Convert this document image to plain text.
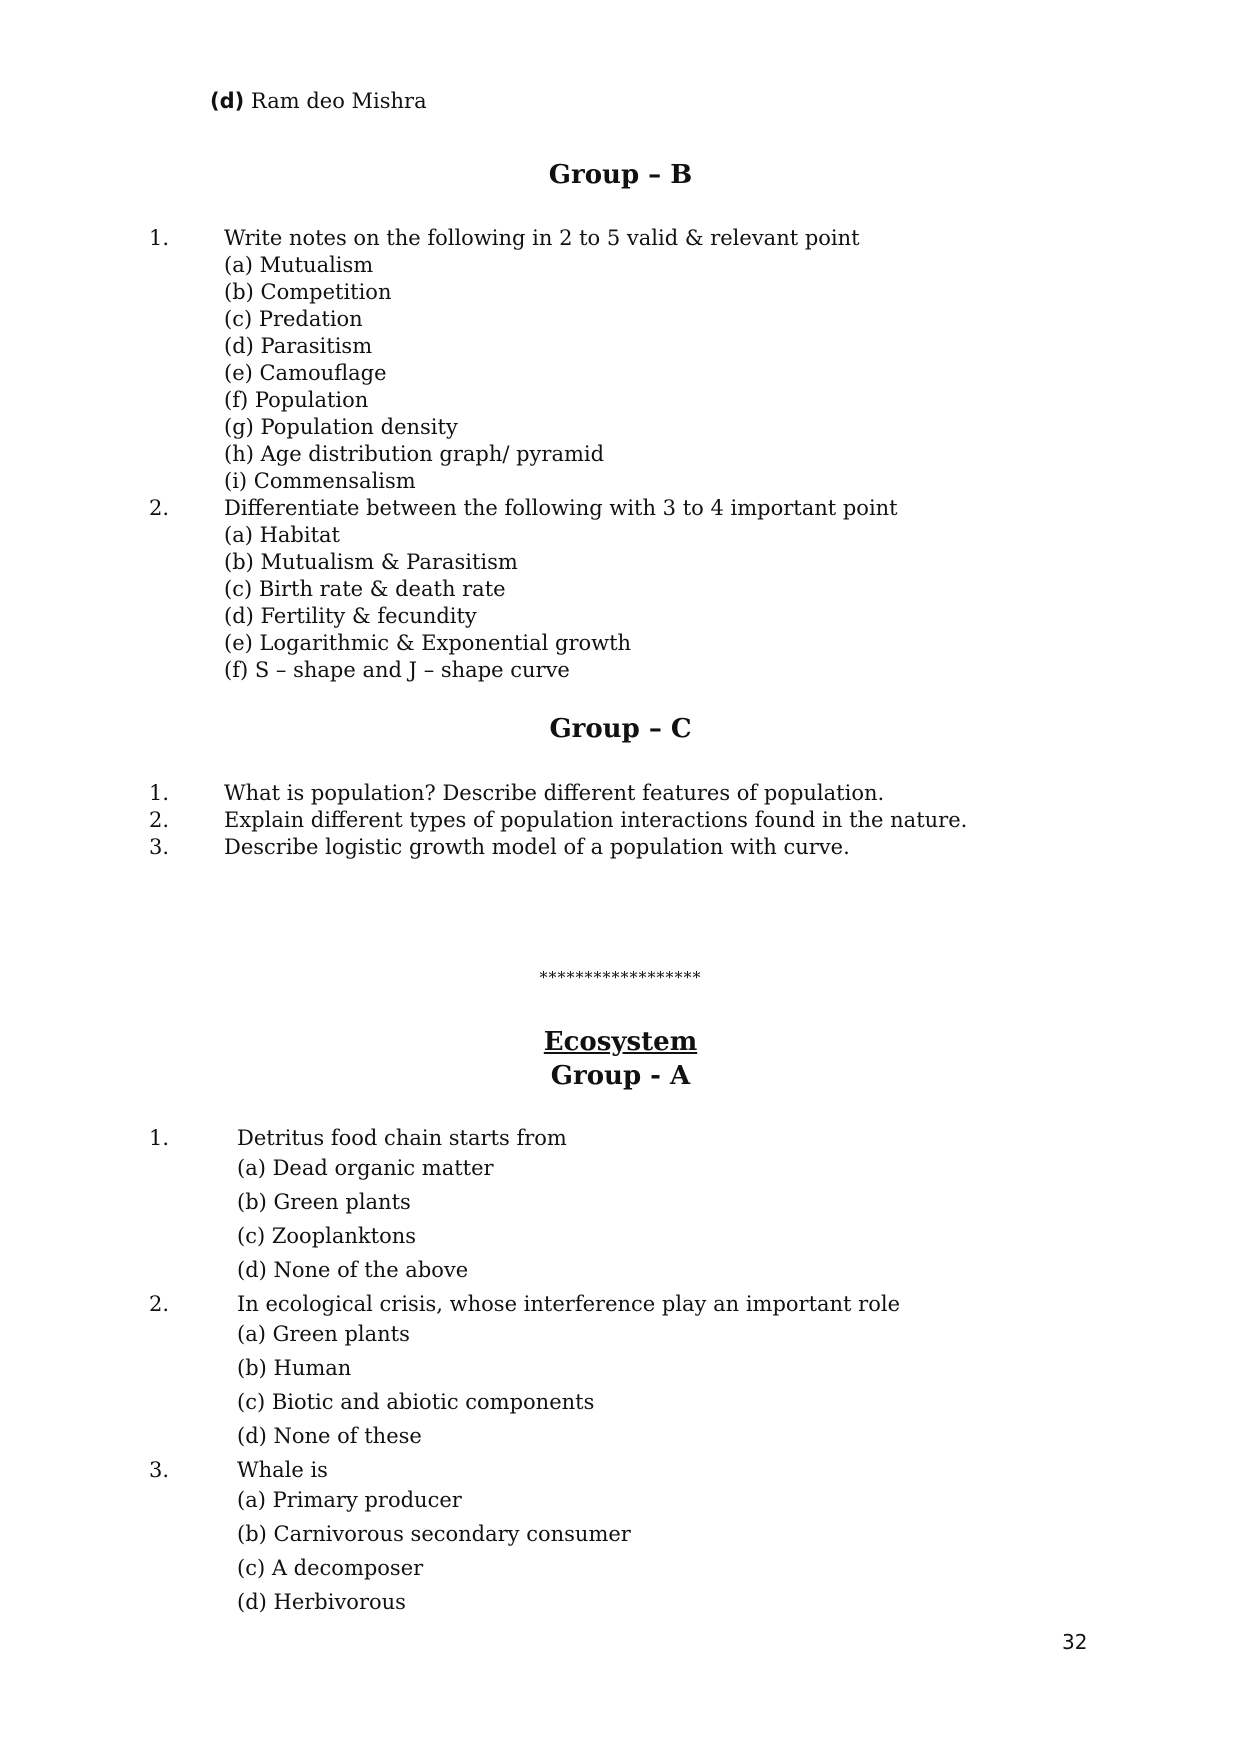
(d) Ram deo Mishra
Group – B
1.	Write notes on the following in 2 to 5 valid & relevant point
(a) Mutualism
(b) Competition
(c) Predation
(d) Parasitism
(e) Camouflage
(f) Population
(g) Population density
(h) Age distribution graph/ pyramid
(i) Commensalism
2.	Differentiate between the following with 3 to 4 important point
(a) Habitat
(b) Mutualism & Parasitism
(c) Birth rate & death rate
(d) Fertility & fecundity
(e) Logarithmic & Exponential growth
(f) S – shape and J – shape curve
Group – C
1.	What is population? Describe different features of population.
2.	Explain different types of population interactions found in the nature.
3.	Describe logistic growth model of a population with curve.
******************
Ecosystem
Group - A
1.	Detritus food chain starts from
(a) Dead organic matter
(b) Green plants
(c) Zooplanktons
(d) None of the above
2.	In ecological crisis, whose interference play an important role
(a) Green plants
(b) Human
(c) Biotic and abiotic components
(d) None of these
3.	Whale is
(a) Primary producer
(b) Carnivorous secondary consumer
(c) A decomposer
(d) Herbivorous
32
